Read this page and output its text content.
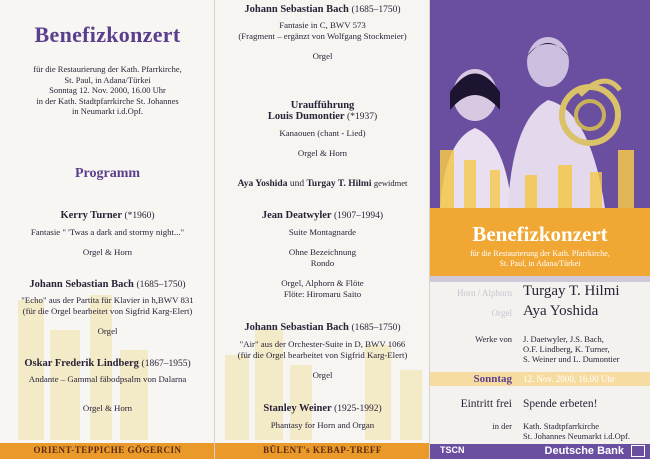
Benefizkonzert
für die Restaurierung der Kath. Pfarrkirche,
St. Paul, in Adana/Türkei
Sonntag 12. Nov. 2000, 16.00 Uhr
in der Kath. Stadtpfarrkirche St. Johannes
in Neumarkt i.d.Opf.
Programm
Kerry Turner (*1960)
Fantasie " 'Twas a dark and stormy night..."
Orgel & Horn
Johann Sebastian Bach (1685–1750)
"Echo" aus der Partita für Klavier in h,BWV 831
(für die Orgel bearbeitet von Sigfrid Karg-Elert)
Orgel
Oskar Frederik Lindberg (1867–1955)
Andante – Gammal fäbodpsalm von Dalarna
Orgel & Horn
ORIENT-TEPPICHE GÖGERCIN
Johann Sebastian Bach (1685–1750)
Fantasie in C, BWV 573
(Fragment – ergänzt von Wolfgang Stockmeier)
Orgel
Uraufführung
Louis Dumontier (*1937)
Kanaouen (chant - Lied)
Orgel & Horn
Aya Yoshida und Turgay T. Hilmi gewidmet
Jean Deatwyler (1907–1994)
Suite Montagnarde
Ohne Bezeichnung
Rondo
Orgel, Alphorn & Flöte
Flöte: Hiromaru Saito
Johann Sebastian Bach (1685–1750)
"Air" aus der Orchester-Suite in D, BWV 1066
(für die Orgel bearbeitet von Sigfrid Karg-Elert)
Orgel
Stanley Weiner (1925-1992)
Phantasy for Horn and Organ
BÜLENT's KEBAP-TREFF
Benefizkonzert
für die Restaurierung der Kath. Pfarrkirche,
St. Paul, in Adana/Türkei
Horn / Alphorn Turgay T. Hilmi
Orgel Aya Yoshida
Werke von J. Daetwyler, J.S. Bach,
O.F. Lindberg, K. Turner,
S. Weiner und L. Dumontier
Sonntag 12. Nov. 2000, 16.00 Uhr
Eintritt frei Spende erbeten!
in der Kath. Stadtpfarrkirche
St. Johannes Neumarkt i.d.Opf.
TSCN	Deutsche Bank
